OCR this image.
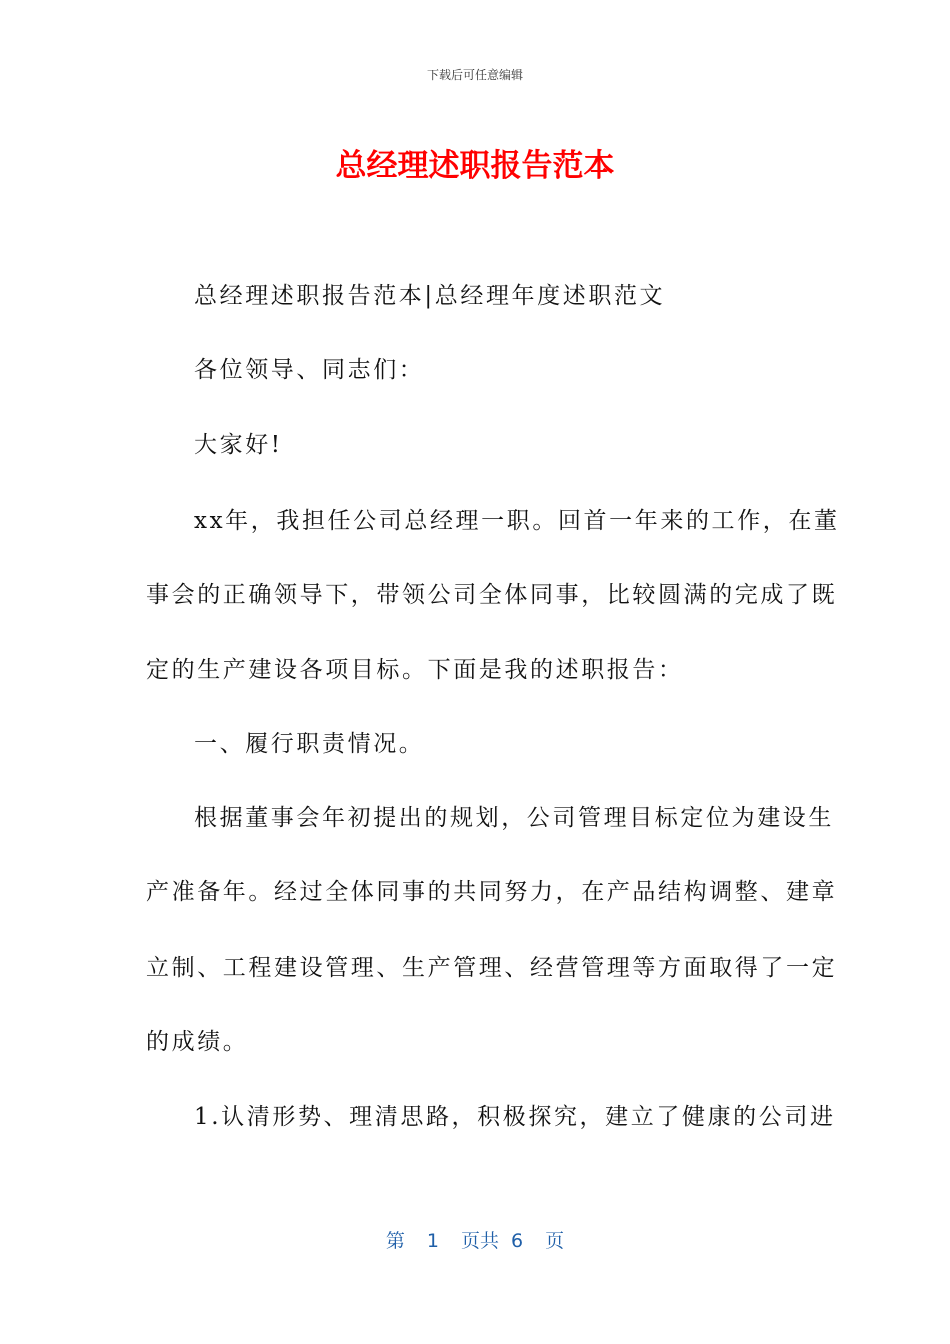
下载后可任意编辑
总经理述职报告范本
总经理述职报告范本|总经理年度述职范文
各位领导、同志们：
大家好!
xx年，我担任公司总经理一职。回首一年来的工作，在董
事会的正确领导下，带领公司全体同事，比较圆满的完成了既
定的生产建设各项目标。下面是我的述职报告：
一、履行职责情况。
根据董事会年初提出的规划，公司管理目标定位为建设生
产准备年。经过全体同事的共同努力，在产品结构调整、建章
立制、工程建设管理、生产管理、经营管理等方面取得了一定
的成绩。
1.认清形势、理清思路，积极探究，建立了健康的公司进
第 1 页共 6 页
